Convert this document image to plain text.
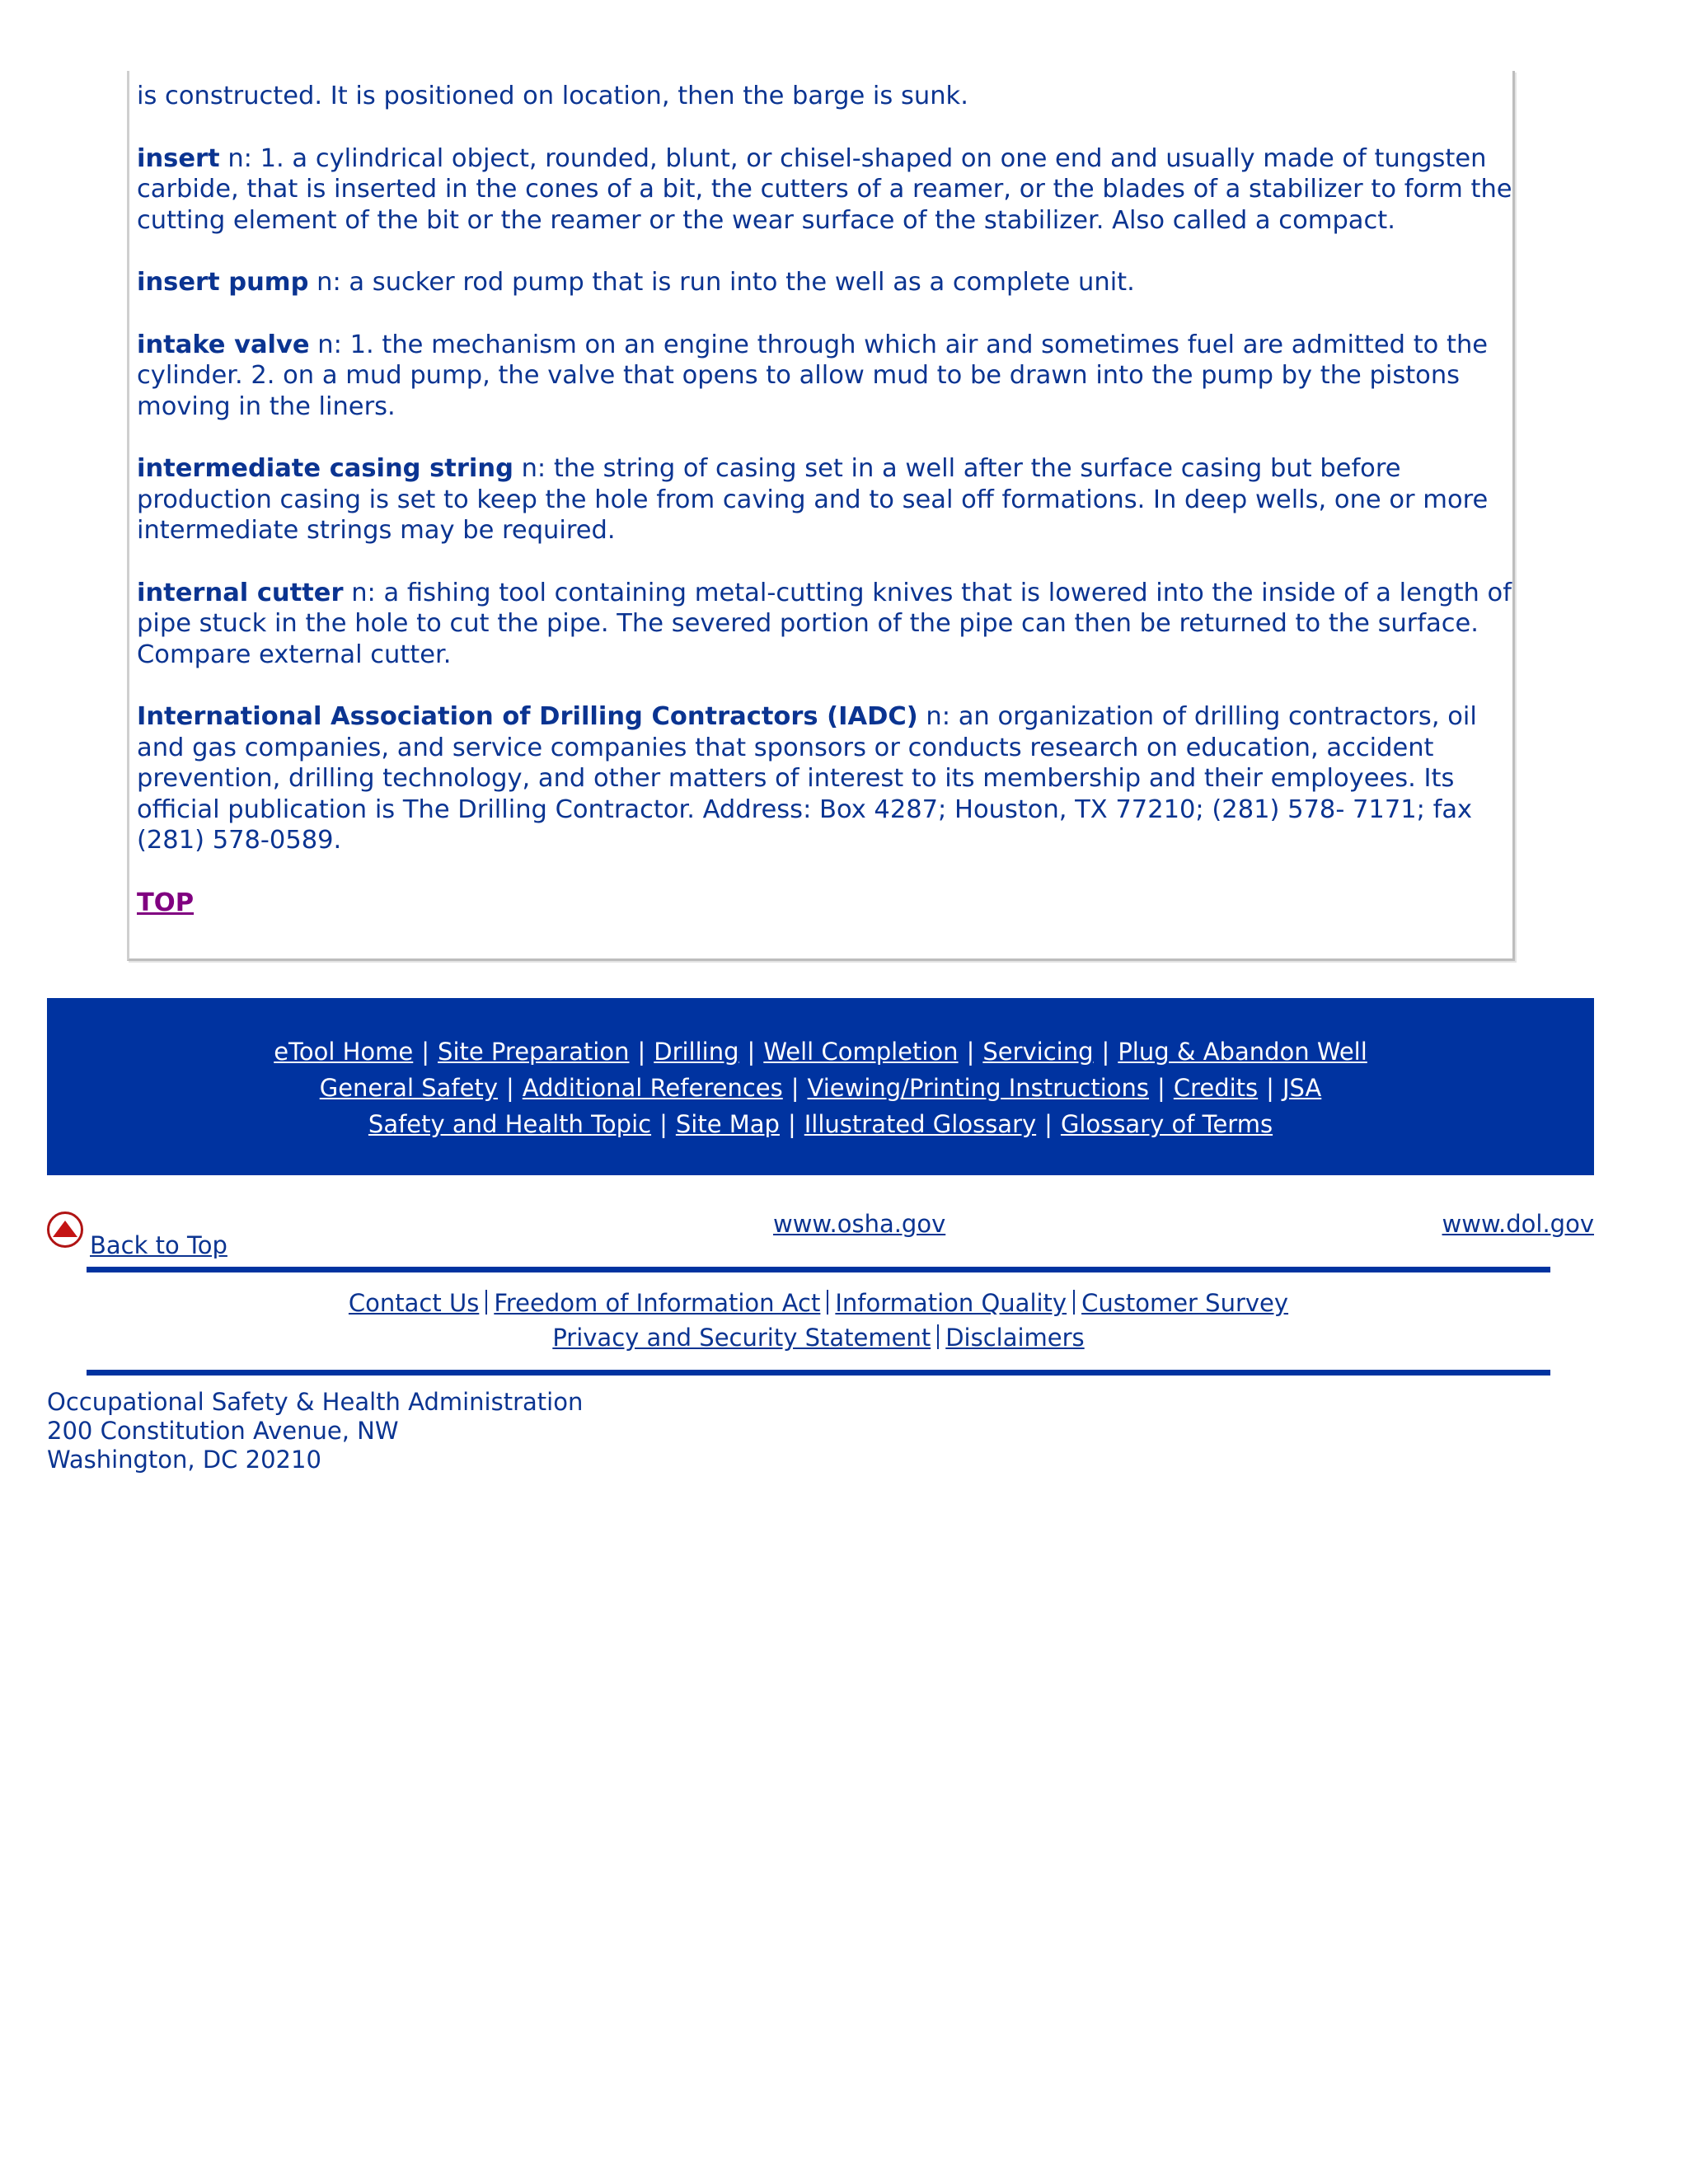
is constructed. It is positioned on location, then the barge is sunk.

insert n: 1. a cylindrical object, rounded, blunt, or chisel-shaped on one end and usually made of tungsten carbide, that is inserted in the cones of a bit, the cutters of a reamer, or the blades of a stabilizer to form the cutting element of the bit or the reamer or the wear surface of the stabilizer. Also called a compact.

insert pump n: a sucker rod pump that is run into the well as a complete unit.

intake valve n: 1. the mechanism on an engine through which air and sometimes fuel are admitted to the cylinder. 2. on a mud pump, the valve that opens to allow mud to be drawn into the pump by the pistons moving in the liners.

intermediate casing string n: the string of casing set in a well after the surface casing but before production casing is set to keep the hole from caving and to seal off formations. In deep wells, one or more intermediate strings may be required.

internal cutter n: a fishing tool containing metal-cutting knives that is lowered into the inside of a length of pipe stuck in the hole to cut the pipe. The severed portion of the pipe can then be returned to the surface. Compare external cutter.

International Association of Drilling Contractors (IADC) n: an organization of drilling contractors, oil and gas companies, and service companies that sponsors or conducts research on education, accident prevention, drilling technology, and other matters of interest to its membership and their employees. Its official publication is The Drilling Contractor. Address: Box 4287; Houston, TX 77210; (281) 578- 7171; fax (281) 578-0589.

TOP
eTool Home | Site Preparation | Drilling | Well Completion | Servicing | Plug & Abandon Well
General Safety | Additional References | Viewing/Printing Instructions | Credits | JSA
Safety and Health Topic | Site Map | Illustrated Glossary | Glossary of Terms
Back to Top
www.osha.gov	www.dol.gov
Contact Us Freedom of Information Act Information Quality Customer Survey
Privacy and Security Statement Disclaimers
Occupational Safety & Health Administration
200 Constitution Avenue, NW
Washington, DC 20210
